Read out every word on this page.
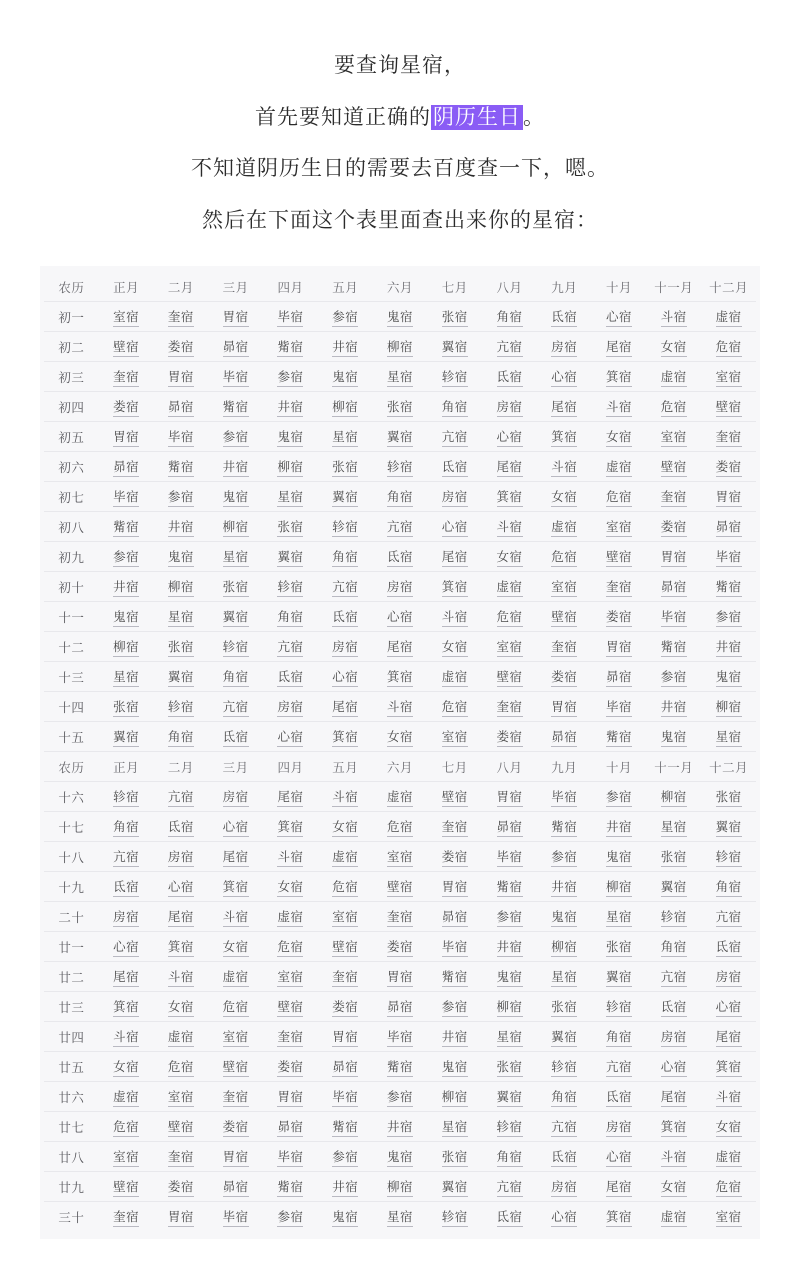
要查询星宿，

首先要知道正确的阴历生日。

不知道阴历生日的需要去百度查一下，嗯。

然后在下面这个表里面查出来你的星宿：

农历	正月	二月	三月	四月	五月	六月	七月	八月	九月	十月	十一月	十二月
初一	室宿	奎宿	胃宿	毕宿	参宿	鬼宿	张宿	角宿	氐宿	心宿	斗宿	虚宿
初二	壁宿	娄宿	昴宿	觜宿	井宿	柳宿	翼宿	亢宿	房宿	尾宿	女宿	危宿
初三	奎宿	胃宿	毕宿	参宿	鬼宿	星宿	轸宿	氐宿	心宿	箕宿	虚宿	室宿
初四	娄宿	昴宿	觜宿	井宿	柳宿	张宿	角宿	房宿	尾宿	斗宿	危宿	壁宿
初五	胃宿	毕宿	参宿	鬼宿	星宿	翼宿	亢宿	心宿	箕宿	女宿	室宿	奎宿
初六	昴宿	觜宿	井宿	柳宿	张宿	轸宿	氐宿	尾宿	斗宿	虚宿	壁宿	娄宿
初七	毕宿	参宿	鬼宿	星宿	翼宿	角宿	房宿	箕宿	女宿	危宿	奎宿	胃宿
初八	觜宿	井宿	柳宿	张宿	轸宿	亢宿	心宿	斗宿	虚宿	室宿	娄宿	昴宿
初九	参宿	鬼宿	星宿	翼宿	角宿	氐宿	尾宿	女宿	危宿	壁宿	胃宿	毕宿
初十	井宿	柳宿	张宿	轸宿	亢宿	房宿	箕宿	虚宿	室宿	奎宿	昴宿	觜宿
十一	鬼宿	星宿	翼宿	角宿	氐宿	心宿	斗宿	危宿	壁宿	娄宿	毕宿	参宿
十二	柳宿	张宿	轸宿	亢宿	房宿	尾宿	女宿	室宿	奎宿	胃宿	觜宿	井宿
十三	星宿	翼宿	角宿	氐宿	心宿	箕宿	虚宿	壁宿	娄宿	昴宿	参宿	鬼宿
十四	张宿	轸宿	亢宿	房宿	尾宿	斗宿	危宿	奎宿	胃宿	毕宿	井宿	柳宿
十五	翼宿	角宿	氐宿	心宿	箕宿	女宿	室宿	娄宿	昴宿	觜宿	鬼宿	星宿
农历	正月	二月	三月	四月	五月	六月	七月	八月	九月	十月	十一月	十二月
十六	轸宿	亢宿	房宿	尾宿	斗宿	虚宿	壁宿	胃宿	毕宿	参宿	柳宿	张宿
十七	角宿	氐宿	心宿	箕宿	女宿	危宿	奎宿	昴宿	觜宿	井宿	星宿	翼宿
十八	亢宿	房宿	尾宿	斗宿	虚宿	室宿	娄宿	毕宿	参宿	鬼宿	张宿	轸宿
十九	氐宿	心宿	箕宿	女宿	危宿	壁宿	胃宿	觜宿	井宿	柳宿	翼宿	角宿
二十	房宿	尾宿	斗宿	虚宿	室宿	奎宿	昴宿	参宿	鬼宿	星宿	轸宿	亢宿
廿一	心宿	箕宿	女宿	危宿	壁宿	娄宿	毕宿	井宿	柳宿	张宿	角宿	氐宿
廿二	尾宿	斗宿	虚宿	室宿	奎宿	胃宿	觜宿	鬼宿	星宿	翼宿	亢宿	房宿
廿三	箕宿	女宿	危宿	壁宿	娄宿	昴宿	参宿	柳宿	张宿	轸宿	氐宿	心宿
廿四	斗宿	虚宿	室宿	奎宿	胃宿	毕宿	井宿	星宿	翼宿	角宿	房宿	尾宿
廿五	女宿	危宿	壁宿	娄宿	昴宿	觜宿	鬼宿	张宿	轸宿	亢宿	心宿	箕宿
廿六	虚宿	室宿	奎宿	胃宿	毕宿	参宿	柳宿	翼宿	角宿	氐宿	尾宿	斗宿
廿七	危宿	壁宿	娄宿	昴宿	觜宿	井宿	星宿	轸宿	亢宿	房宿	箕宿	女宿
廿八	室宿	奎宿	胃宿	毕宿	参宿	鬼宿	张宿	角宿	氐宿	心宿	斗宿	虚宿
廿九	壁宿	娄宿	昴宿	觜宿	井宿	柳宿	翼宿	亢宿	房宿	尾宿	女宿	危宿
三十	奎宿	胃宿	毕宿	参宿	鬼宿	星宿	轸宿	氐宿	心宿	箕宿	虚宿	室宿
